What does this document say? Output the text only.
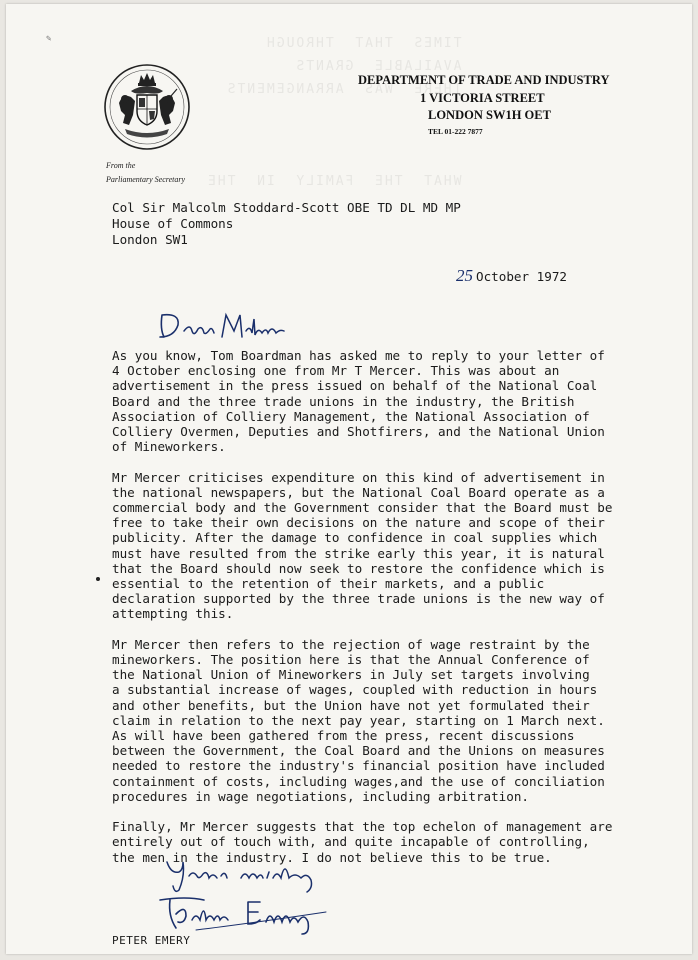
TIMES  THAT  THROUGH
AVAILABLE  GRANTS
THERE  WAS  ARRANGEMENTS

WHAT  THE  FAMILY  IN  THE
✎
From the
Parliamentary Secretary
DEPARTMENT OF TRADE AND INDUSTRY
1 VICTORIA STREET
LONDON SW1H OET
TEL 01-222 7877
Col Sir Malcolm Stoddard-Scott OBE TD DL MD MP
House of Commons
London SW1
25 October 1972

As you know, Tom Boardman has asked me to reply to your letter of
4 October enclosing one from Mr T Mercer. This was about an
advertisement in the press issued on behalf of the National Coal
Board and the three trade unions in the industry, the British
Association of Colliery Management, the National Association of
Colliery Overmen, Deputies and Shotfirers, and the National Union
of Mineworkers.

Mr Mercer criticises expenditure on this kind of advertisement in
the national newspapers, but the National Coal Board operate as a
commercial body and the Government consider that the Board must be
free to take their own decisions on the nature and scope of their
publicity. After the damage to confidence in coal supplies which
must have resulted from the strike early this year, it is natural
that the Board should now seek to restore the confidence which is
essential to the retention of their markets, and a public
declaration supported by the three trade unions is the new way of
attempting this.

Mr Mercer then refers to the rejection of wage restraint by the
mineworkers. The position here is that the Annual Conference of
the National Union of Mineworkers in July set targets involving
a substantial increase of wages, coupled with reduction in hours
and other benefits, but the Union have not yet formulated their
claim in relation to the next pay year, starting on 1 March next.
As will have been gathered from the press, recent discussions
between the Government, the Coal Board and the Unions on measures
needed to restore the industry's financial position have included
containment of costs, including wages,and the use of conciliation
procedures in wage negotiations, including arbitration.

Finally, Mr Mercer suggests that the top echelon of management are
entirely out of touch with, and quite incapable of controlling,
the men in the industry. I do not believe this to be true.

PETER EMERY
